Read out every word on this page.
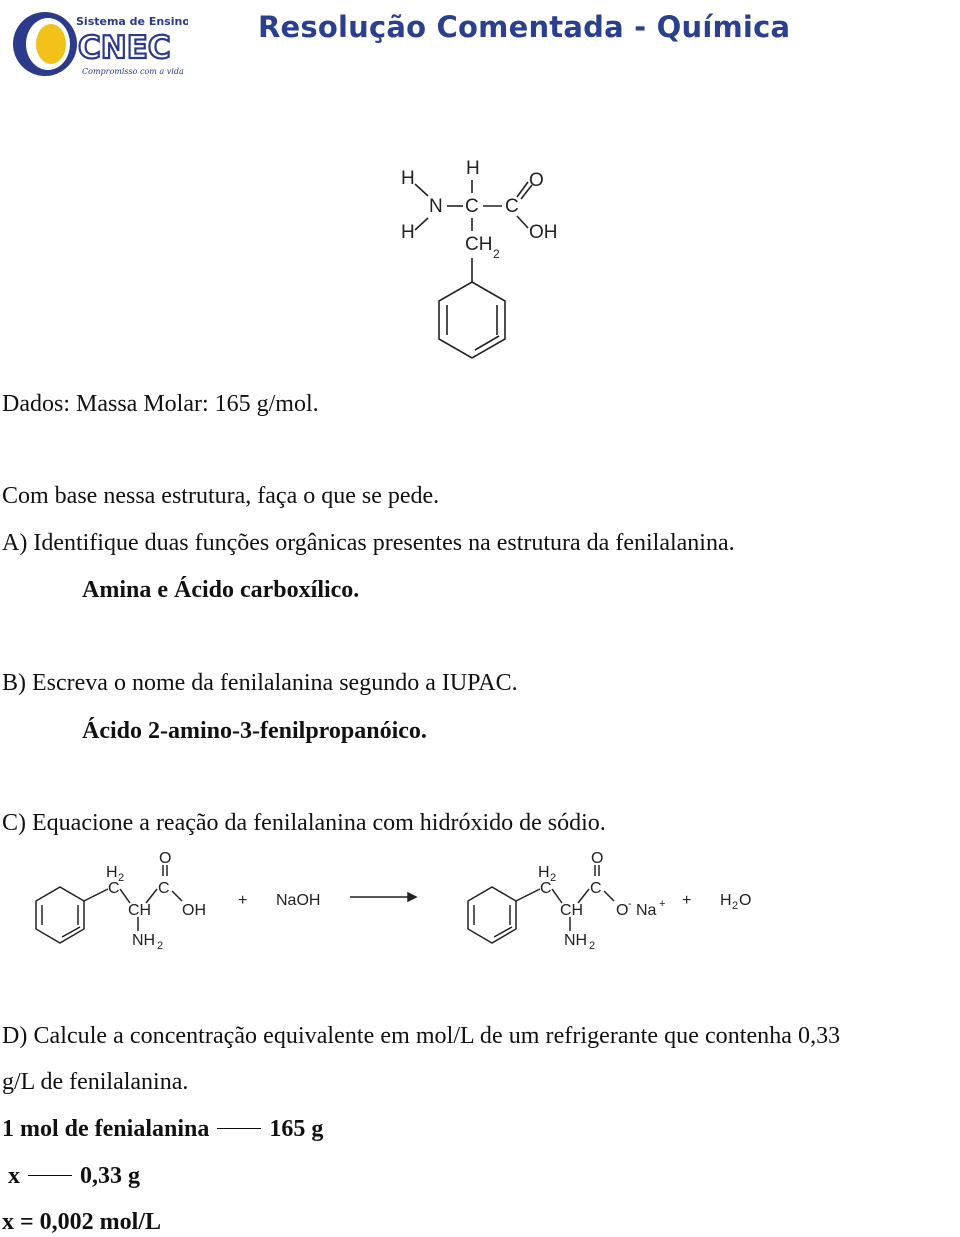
Sistema de Ensino
CNEC
Compromisso com a vida
Resolução Comentada - Química
H
H
N C
H
C
O
OH
CH 2
Dados: Massa Molar: 165 g/mol.
Com base nessa estrutura, faça o que se pede.
A) Identifique duas funções orgânicas presentes na estrutura da fenilalanina.
Amina e Ácido carboxílico.
B) Escreva o nome da fenilalanina segundo a IUPAC.
Ácido 2-amino-3-fenilpropanóico.
C) Equacione a reação da fenilalanina com hidróxido de sódio.
H 2
C
CH
C
O
OH
NH 2
+ NaOH
H 2
C
CH
C
O
O - Na +
NH 2
+ H 2 O
D) Calcule a concentração equivalente em mol/L de um refrigerante que contenha 0,33
g/L de fenilalanina.
1 mol de fenialanina	165 g
x	0,33 g
x = 0,002 mol/L
